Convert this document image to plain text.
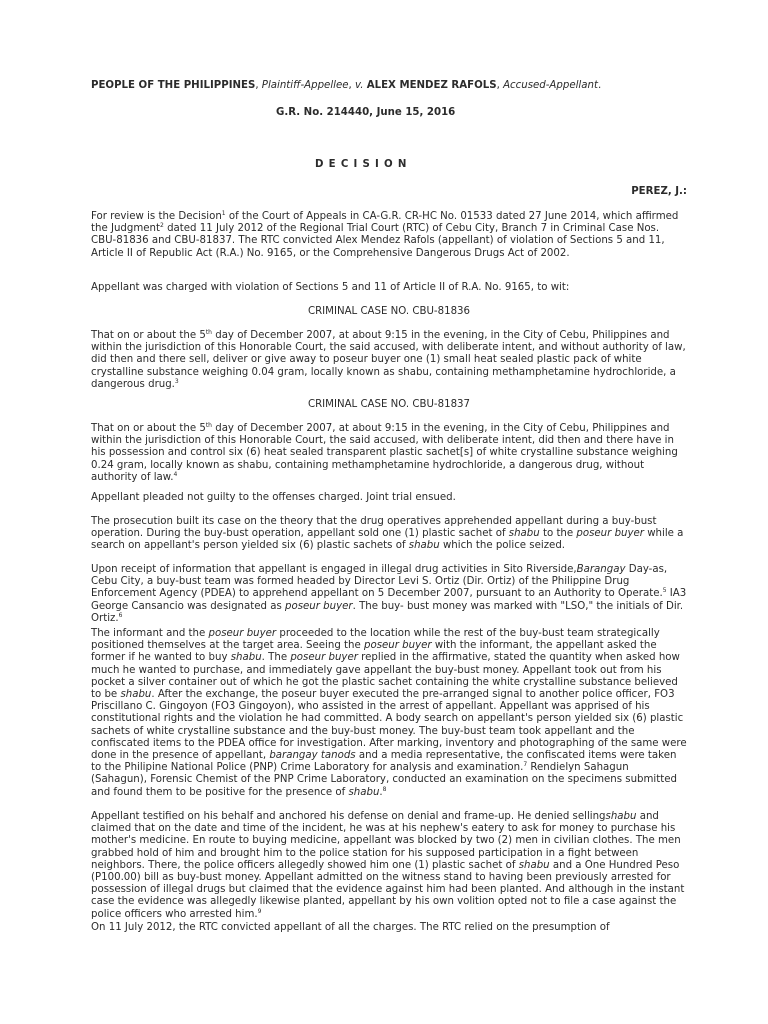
PEOPLE OF THE PHILIPPINES, Plaintiff-Appellee, v. ALEX MENDEZ RAFOLS, Accused-Appellant.
G.R. No. 214440, June 15, 2016
DECISION
PEREZ, J.:

For review is the Decision$^1$ of the Court of Appeals in CA-G.R. CR-HC No. 01533 dated 27 June 2014, which affirmed the Judgment$^2$ dated 11 July 2012 of the Regional Trial Court (RTC) of Cebu City, Branch 7 in Criminal Case Nos. CBU-81836 and CBU-81837. The RTC convicted Alex Mendez Rafols (appellant) of violation of Sections 5 and 11, Article II of Republic Act (R.A.) No. 9165, or the Comprehensive Dangerous Drugs Act of 2002.

Appellant was charged with violation of Sections 5 and 11 of Article II of R.A. No. 9165, to wit:

CRIMINAL CASE NO. CBU-81836

That on or about the 5th day of December 2007, at about 9:15 in the evening, in the City of Cebu, Philippines and within the jurisdiction of this Honorable Court, the said accused, with deliberate intent, and without authority of law, did then and there sell, deliver or give away to poseur buyer one (1) small heat sealed plastic pack of white crystalline substance weighing 0.04 gram, locally known as shabu, containing methamphetamine hydrochloride, a dangerous drug.$^3$

CRIMINAL CASE NO. CBU-81837

That on or about the 5th day of December 2007, at about 9:15 in the evening, in the City of Cebu, Philippines and within the jurisdiction of this Honorable Court, the said accused, with deliberate intent, did then and there have in his possession and control six (6) heat sealed transparent plastic sachet[s] of white crystalline substance weighing 0.24 gram, locally known as shabu, containing methamphetamine hydrochloride, a dangerous drug, without authority of law.$^4$

Appellant pleaded not guilty to the offenses charged. Joint trial ensued.

The prosecution built its case on the theory that the drug operatives apprehended appellant during a buy-bust operation. During the buy-bust operation, appellant sold one (1) plastic sachet of shabu to the poseur buyer while a search on appellant's person yielded six (6) plastic sachets of shabu which the police seized.

Upon receipt of information that appellant is engaged in illegal drug activities in Sito Riverside,Barangay Day-as, Cebu City, a buy-bust team was formed headed by Director Levi S. Ortiz (Dir. Ortiz) of the Philippine Drug Enforcement Agency (PDEA) to apprehend appellant on 5 December 2007, pursuant to an Authority to Operate.$^5$ IA3 George Cansancio was designated as poseur buyer. The buy- bust money was marked with "LSO," the initials of Dir. Ortiz.$^6$

The informant and the poseur buyer proceeded to the location while the rest of the buy-bust team strategically positioned themselves at the target area. Seeing the poseur buyer with the informant, the appellant asked the former if he wanted to buy shabu. The poseur buyer replied in the affirmative, stated the quantity when asked how much he wanted to purchase, and immediately gave appellant the buy-bust money. Appellant took out from his pocket a silver container out of which he got the plastic sachet containing the white crystalline substance believed to be shabu. After the exchange, the poseur buyer executed the pre-arranged signal to another police officer, FO3 Priscillano C. Gingoyon (FO3 Gingoyon), who assisted in the arrest of appellant. Appellant was apprised of his constitutional rights and the violation he had committed. A body search on appellant's person yielded six (6) plastic sachets of white crystalline substance and the buy-bust money. The buy-bust team took appellant and the confiscated items to the PDEA office for investigation. After marking, inventory and photographing of the same were done in the presence of appellant, barangay tanods and a media representative, the confiscated items were taken to the Philipine National Police (PNP) Crime Laboratory for analysis and examination.$^7$ Rendielyn Sahagun (Sahagun), Forensic Chemist of the PNP Crime Laboratory, conducted an examination on the specimens submitted and found them to be positive for the presence of shabu.$^8$

Appellant testified on his behalf and anchored his defense on denial and frame-up. He denied sellingshabu and claimed that on the date and time of the incident, he was at his nephew's eatery to ask for money to purchase his mother's medicine. En route to buying medicine, appellant was blocked by two (2) men in civilian clothes. The men grabbed hold of him and brought him to the police station for his supposed participation in a fight between neighbors. There, the police officers allegedly showed him one (1) plastic sachet of shabu and a One Hundred Peso (P100.00) bill as buy-bust money. Appellant admitted on the witness stand to having been previously arrested for possession of illegal drugs but claimed that the evidence against him had been planted. And although in the instant case the evidence was allegedly likewise planted, appellant by his own volition opted not to file a case against the police officers who arrested him.$^9$

On 11 July 2012, the RTC convicted appellant of all the charges. The RTC relied on the presumption of
